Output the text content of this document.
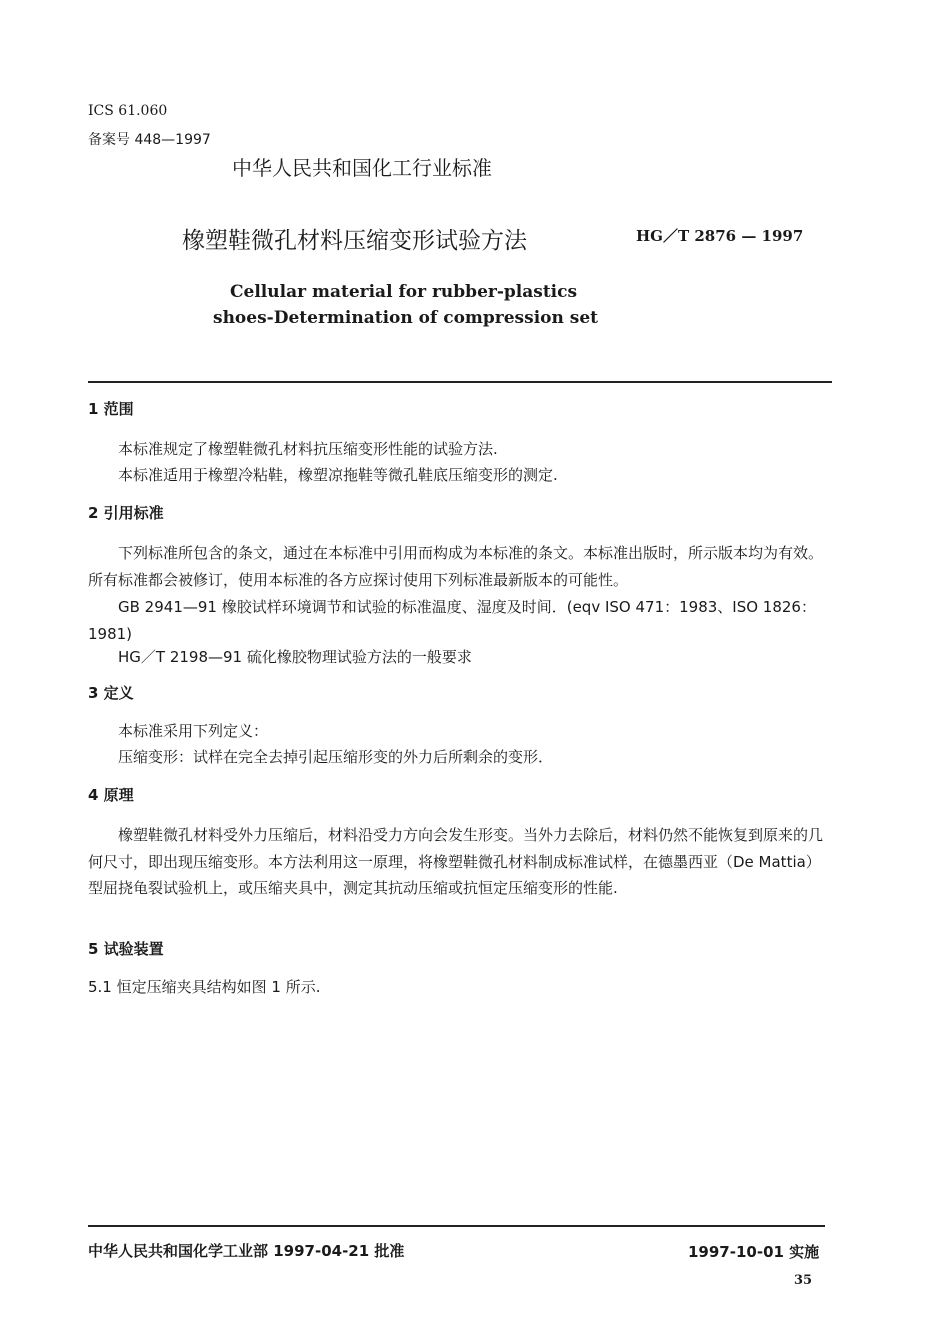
ICS 61.060
备案号 448—1997
中华人民共和国化工行业标准
橡塑鞋微孔材料压缩变形试验方法	HG／T 2876 — 1997
Cellular material for rubber-plastics
shoes-Determination of compression set
1 范围
本标准规定了橡塑鞋微孔材料抗压缩变形性能的试验方法.
本标准适用于橡塑冷粘鞋，橡塑凉拖鞋等微孔鞋底压缩变形的测定.
2 引用标准
下列标准所包含的条文，通过在本标准中引用而构成为本标准的条文。本标准出版时，所示版本均为有效。所有标准都会被修订，使用本标准的各方应探讨使用下列标准最新版本的可能性。
GB 2941—91 橡胶试样环境调节和试验的标准温度、湿度及时间．(eqv ISO 471：1983、ISO 1826：1981)
HG／T 2198—91 硫化橡胶物理试验方法的一般要求
3 定义
本标准采用下列定义：
压缩变形：试样在完全去掉引起压缩形变的外力后所剩余的变形．
4 原理
橡塑鞋微孔材料受外力压缩后，材料沿受力方向会发生形变。当外力去除后，材料仍然不能恢复到原来的几何尺寸，即出现压缩变形。本方法利用这一原理，将橡塑鞋微孔材料制成标准试样，在德墨西亚（De Mattia）型屈挠龟裂试验机上，或压缩夹具中，测定其抗动压缩或抗恒定压缩变形的性能.
5 试验装置
5.1 恒定压缩夹具结构如图 1 所示.
中华人民共和国化学工业部 1997-04-21 批准	1997-10-01 实施
35
